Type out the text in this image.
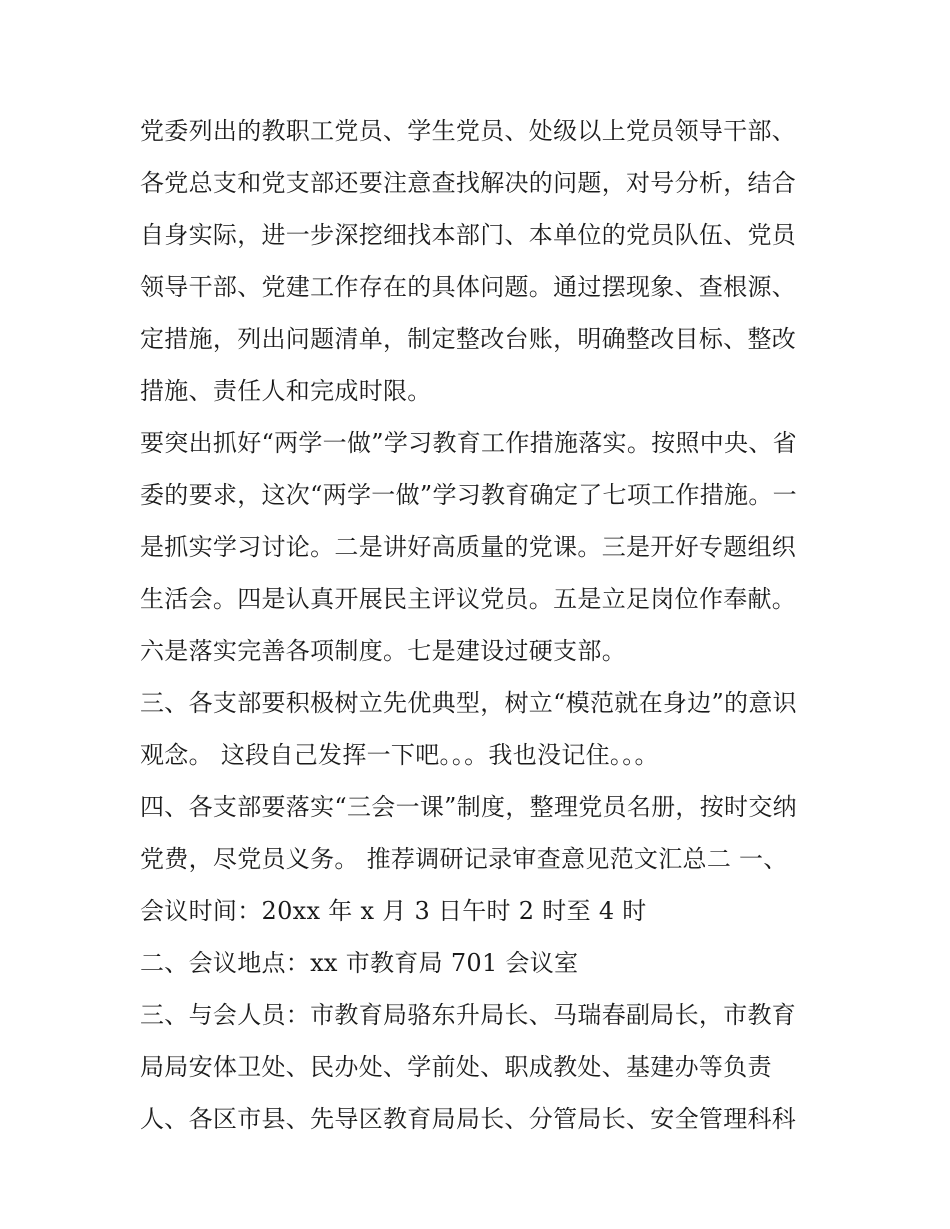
党委列出的教职工党员、学生党员、处级以上党员领导干部、
各党总支和党支部还要注意查找解决的问题，对号分析，结合
自身实际，进一步深挖细找本部门、本单位的党员队伍、党员
领导干部、党建工作存在的具体问题。通过摆现象、查根源、
定措施，列出问题清单，制定整改台账，明确整改目标、整改
措施、责任人和完成时限。
要突出抓好“两学一做”学习教育工作措施落实。按照中央、省
委的要求，这次“两学一做”学习教育确定了七项工作措施。一
是抓实学习讨论。二是讲好高质量的党课。三是开好专题组织
生活会。四是认真开展民主评议党员。五是立足岗位作奉献。
六是落实完善各项制度。七是建设过硬支部。
三、各支部要积极树立先优典型，树立“模范就在身边”的意识
观念。 这段自己发挥一下吧。。。我也没记住。。。
四、各支部要落实“三会一课”制度，整理党员名册，按时交纳
党费，尽党员义务。 推荐调研记录审查意见范文汇总二 一、
会议时间：20xx 年 x 月 3 日午时 2 时至 4 时
二、会议地点：xx 市教育局 701 会议室
三、与会人员：市教育局骆东升局长、马瑞春副局长，市教育
局局安体卫处、民办处、学前处、职成教处、基建办等负责
人、各区市县、先导区教育局局长、分管局长、安全管理科科
